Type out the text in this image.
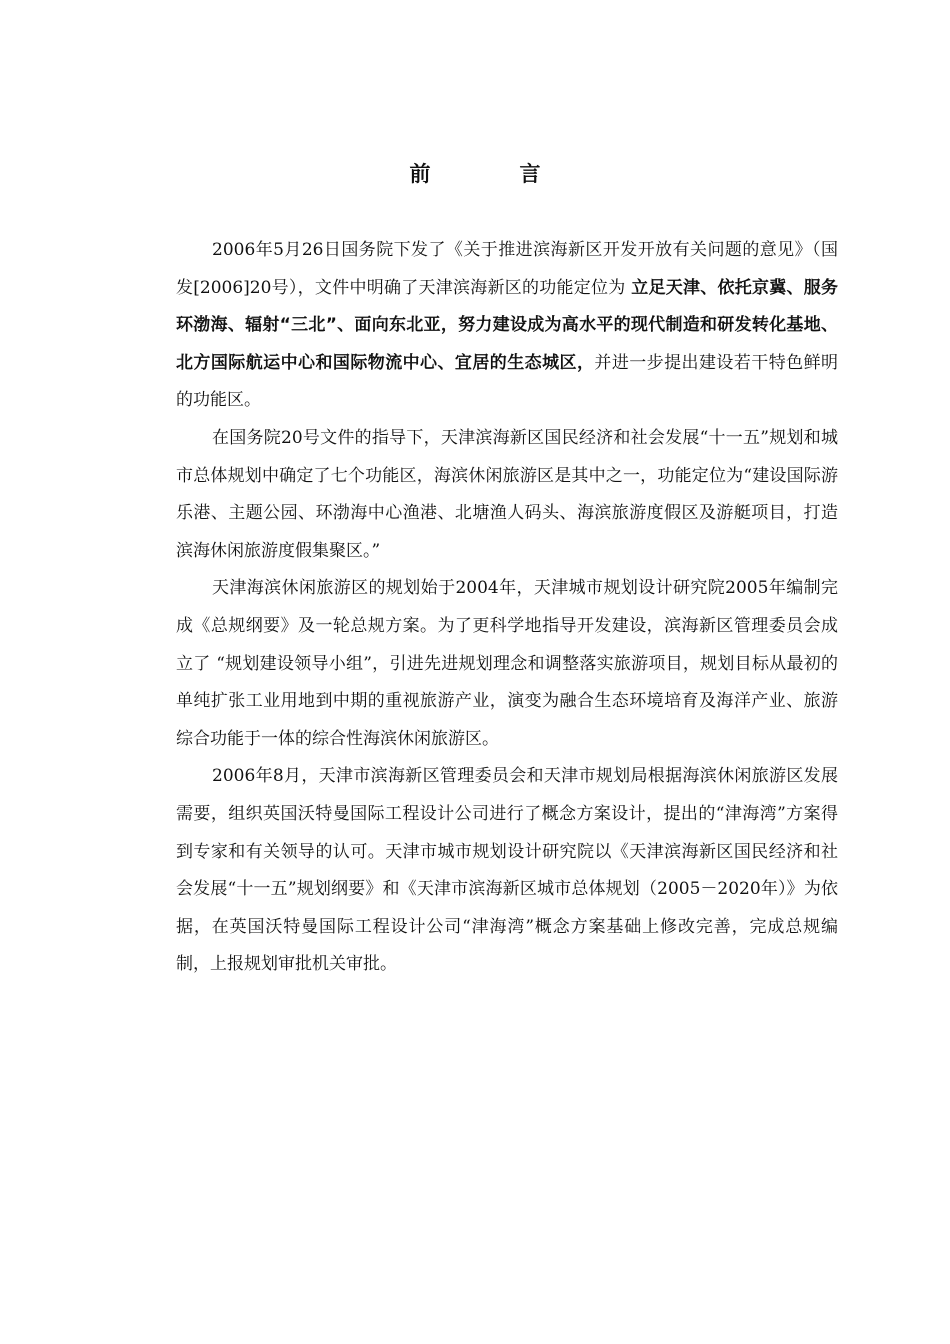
前　言

2006年5月26日国务院下发了《关于推进滨海新区开发开放有关问题的意见》（国发[2006]20号），文件中明确了天津滨海新区的功能定位为 立足天津、依托京冀、服务环渤海、辐射“三北”、面向东北亚，努力建设成为高水平的现代制造和研发转化基地、北方国际航运中心和国际物流中心、宜居的生态城区，并进一步提出建设若干特色鲜明的功能区。

在国务院20号文件的指导下，天津滨海新区国民经济和社会发展“十一五”规划和城市总体规划中确定了七个功能区，海滨休闲旅游区是其中之一，功能定位为“建设国际游乐港、主题公园、环渤海中心渔港、北塘渔人码头、海滨旅游度假区及游艇项目，打造滨海休闲旅游度假集聚区。”

天津海滨休闲旅游区的规划始于2004年，天津城市规划设计研究院2005年编制完成《总规纲要》及一轮总规方案。为了更科学地指导开发建设，滨海新区管理委员会成立了 “规划建设领导小组”，引进先进规划理念和调整落实旅游项目，规划目标从最初的单纯扩张工业用地到中期的重视旅游产业，演变为融合生态环境培育及海洋产业、旅游综合功能于一体的综合性海滨休闲旅游区。

2006年8月，天津市滨海新区管理委员会和天津市规划局根据海滨休闲旅游区发展需要，组织英国沃特曼国际工程设计公司进行了概念方案设计，提出的“津海湾”方案得到专家和有关领导的认可。天津市城市规划设计研究院以《天津滨海新区国民经济和社会发展“十一五”规划纲要》和《天津市滨海新区城市总体规划（2005－2020年）》为依据，在英国沃特曼国际工程设计公司“津海湾”概念方案基础上修改完善，完成总规编制，上报规划审批机关审批。
